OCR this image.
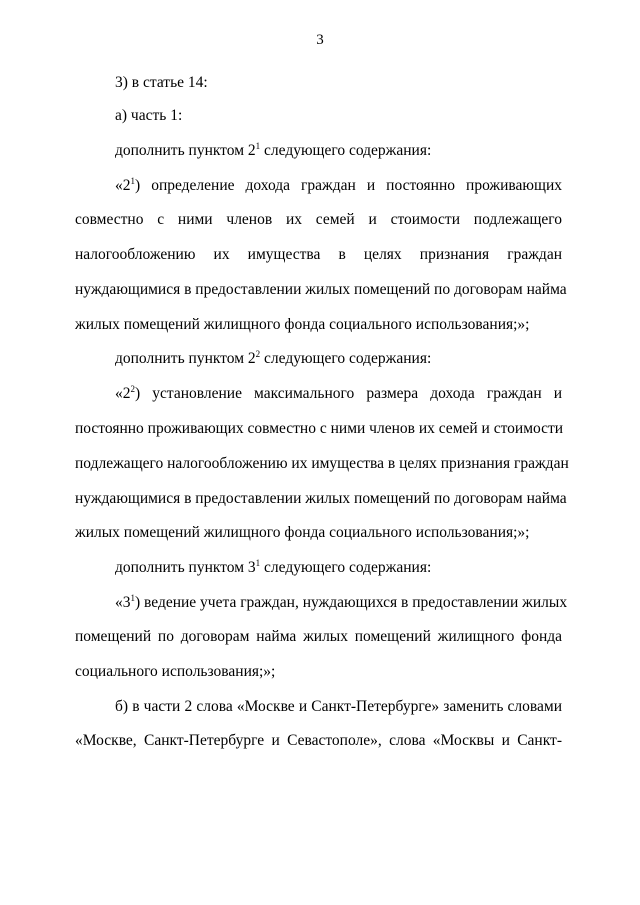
3
3) в статье 14:
а) часть 1:
дополнить пунктом $2^1$ следующего содержания:
«$2^1$) определение дохода граждан и постоянно проживающих
совместно с ними членов их семей и стоимости подлежащего
налогообложению их имущества в целях признания граждан
нуждающимися в предоставлении жилых помещений по договорам найма
жилых помещений жилищного фонда социального использования;»;
дополнить пунктом $2^2$ следующего содержания:
«$2^2$) установление максимального размера дохода граждан и
постоянно проживающих совместно с ними членов их семей и стоимости
подлежащего налогообложению их имущества в целях признания граждан
нуждающимися в предоставлении жилых помещений по договорам найма
жилых помещений жилищного фонда социального использования;»;
дополнить пунктом $3^1$ следующего содержания:
«$3^1$) ведение учета граждан, нуждающихся в предоставлении жилых
помещений по договорам найма жилых помещений жилищного фонда
социального использования;»;
б) в части 2 слова «Москве и Санкт-Петербурге» заменить словами
«Москве, Санкт-Петербурге и Севастополе», слова «Москвы и Санкт-
